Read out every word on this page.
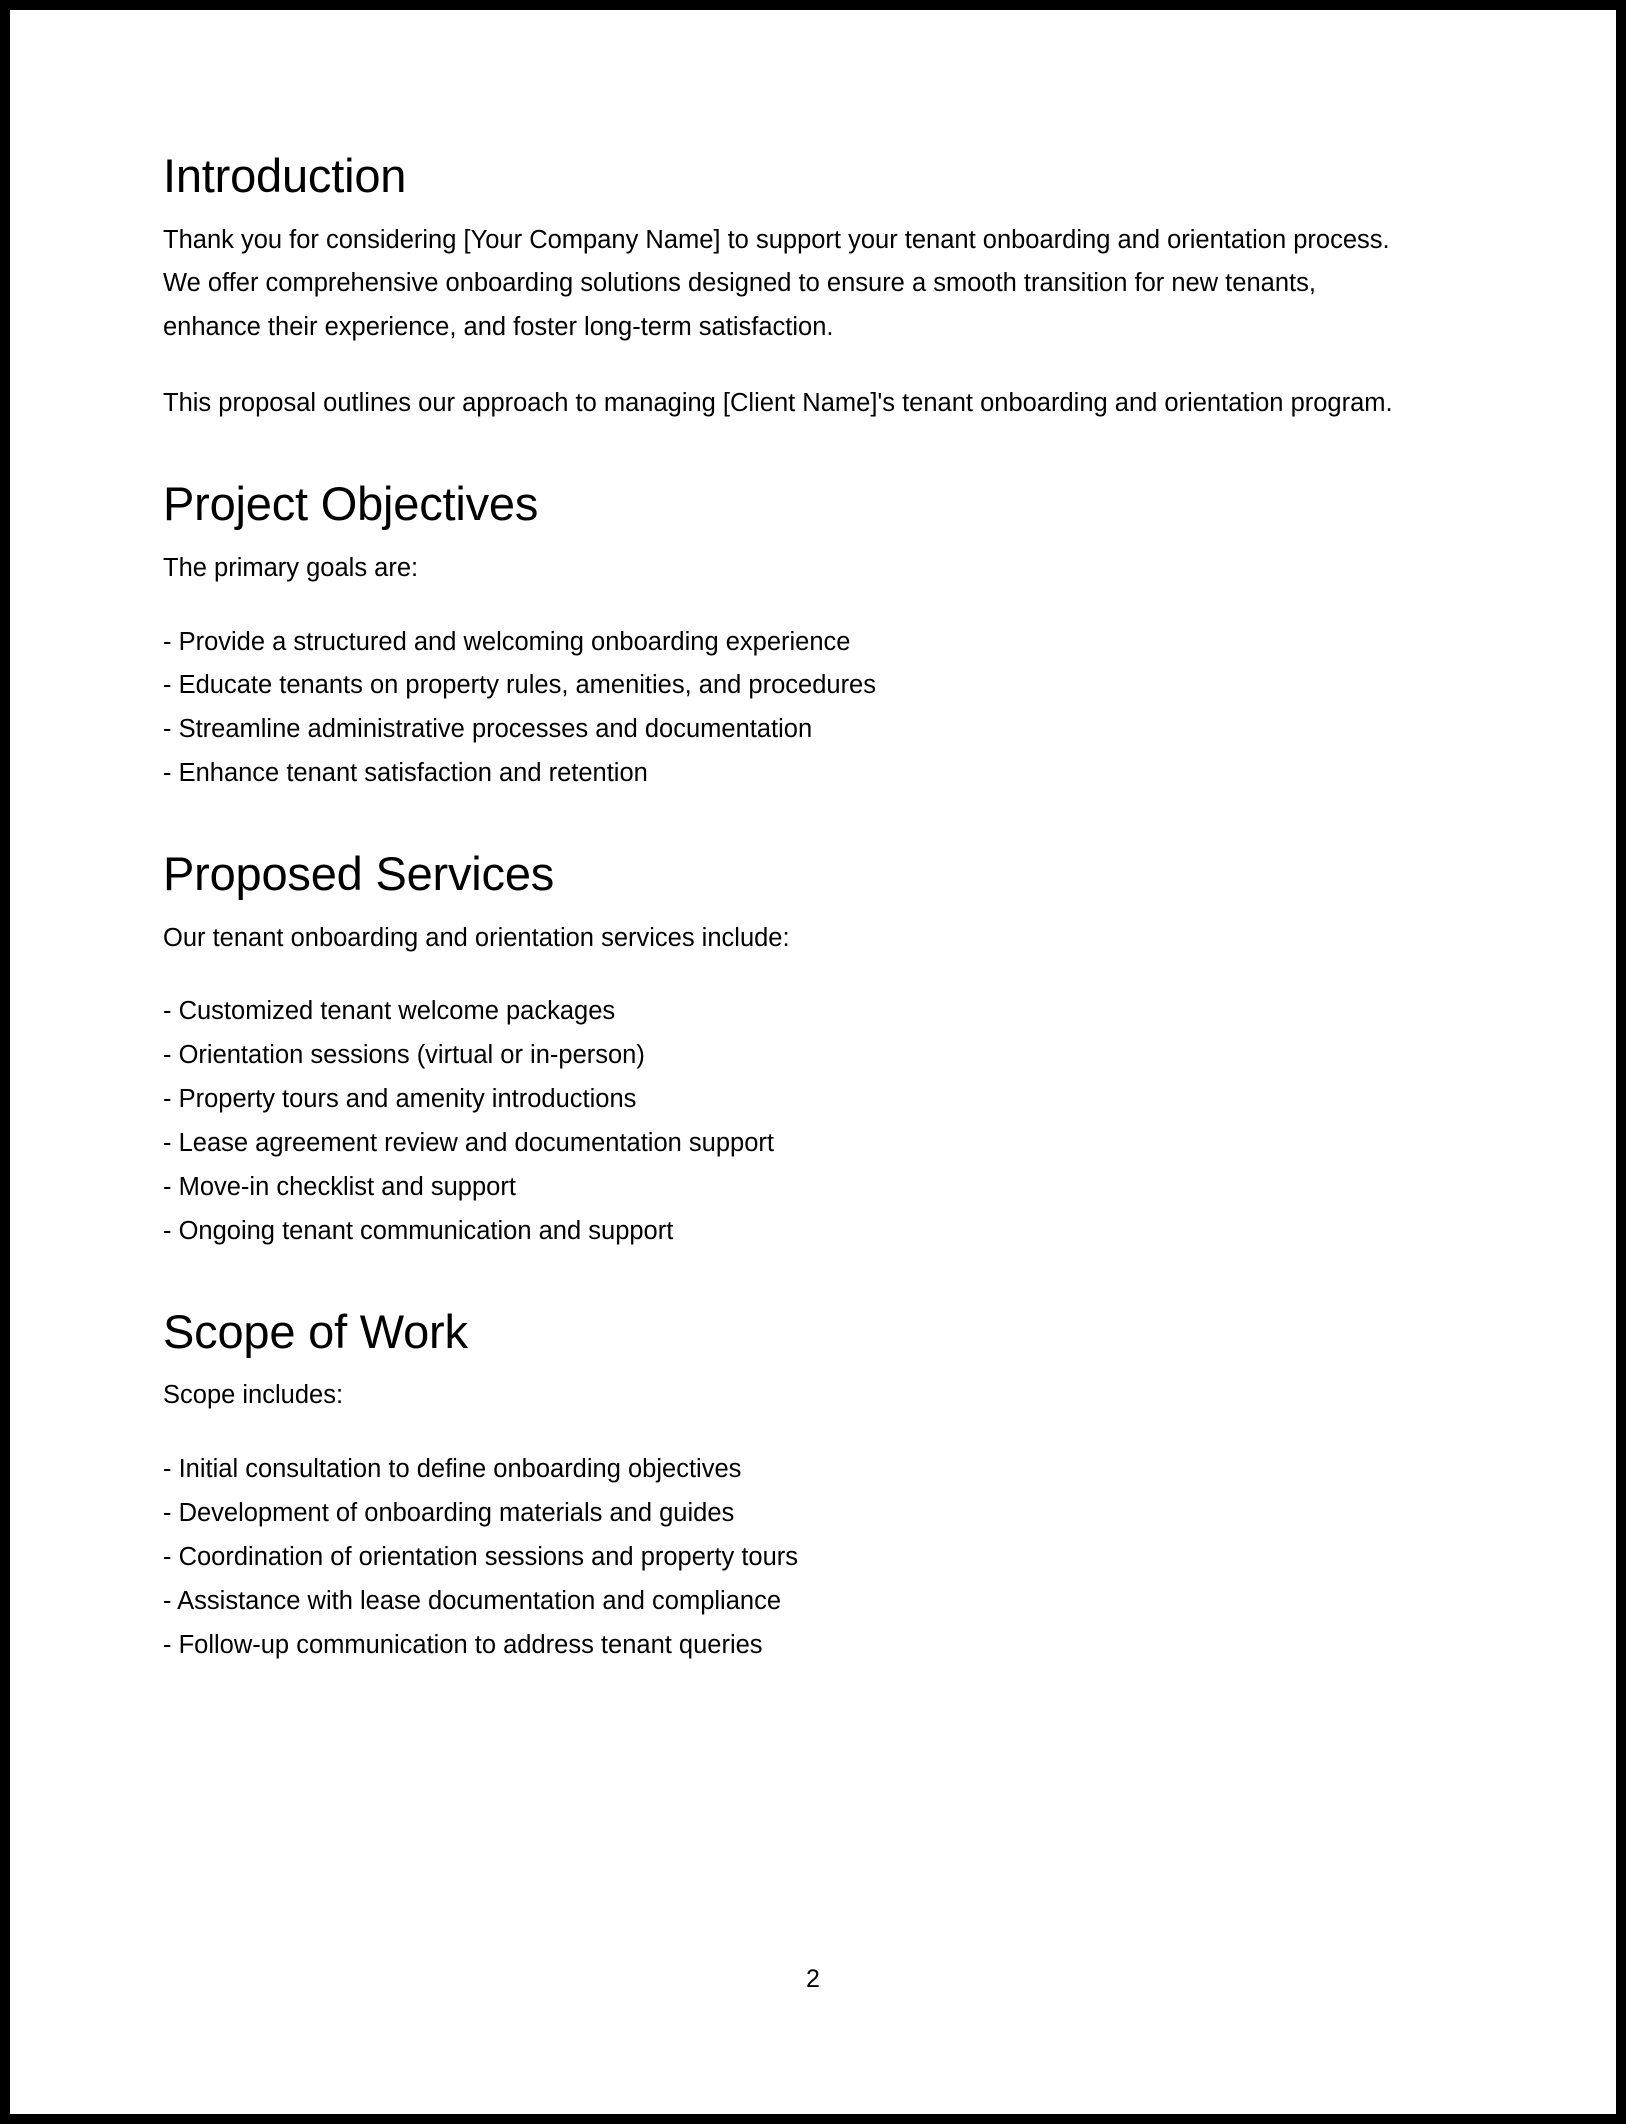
Introduction

Thank you for considering [Your Company Name] to support your tenant onboarding and orientation process. We offer comprehensive onboarding solutions designed to ensure a smooth transition for new tenants, enhance their experience, and foster long-term satisfaction.

This proposal outlines our approach to managing [Client Name]'s tenant onboarding and orientation program.

Project Objectives

The primary goals are:

- Provide a structured and welcoming onboarding experience
- Educate tenants on property rules, amenities, and procedures
- Streamline administrative processes and documentation
- Enhance tenant satisfaction and retention
Proposed Services

Our tenant onboarding and orientation services include:

- Customized tenant welcome packages
- Orientation sessions (virtual or in-person)
- Property tours and amenity introductions
- Lease agreement review and documentation support
- Move-in checklist and support
- Ongoing tenant communication and support
Scope of Work

Scope includes:

- Initial consultation to define onboarding objectives
- Development of onboarding materials and guides
- Coordination of orientation sessions and property tours
- Assistance with lease documentation and compliance
- Follow-up communication to address tenant queries
2
